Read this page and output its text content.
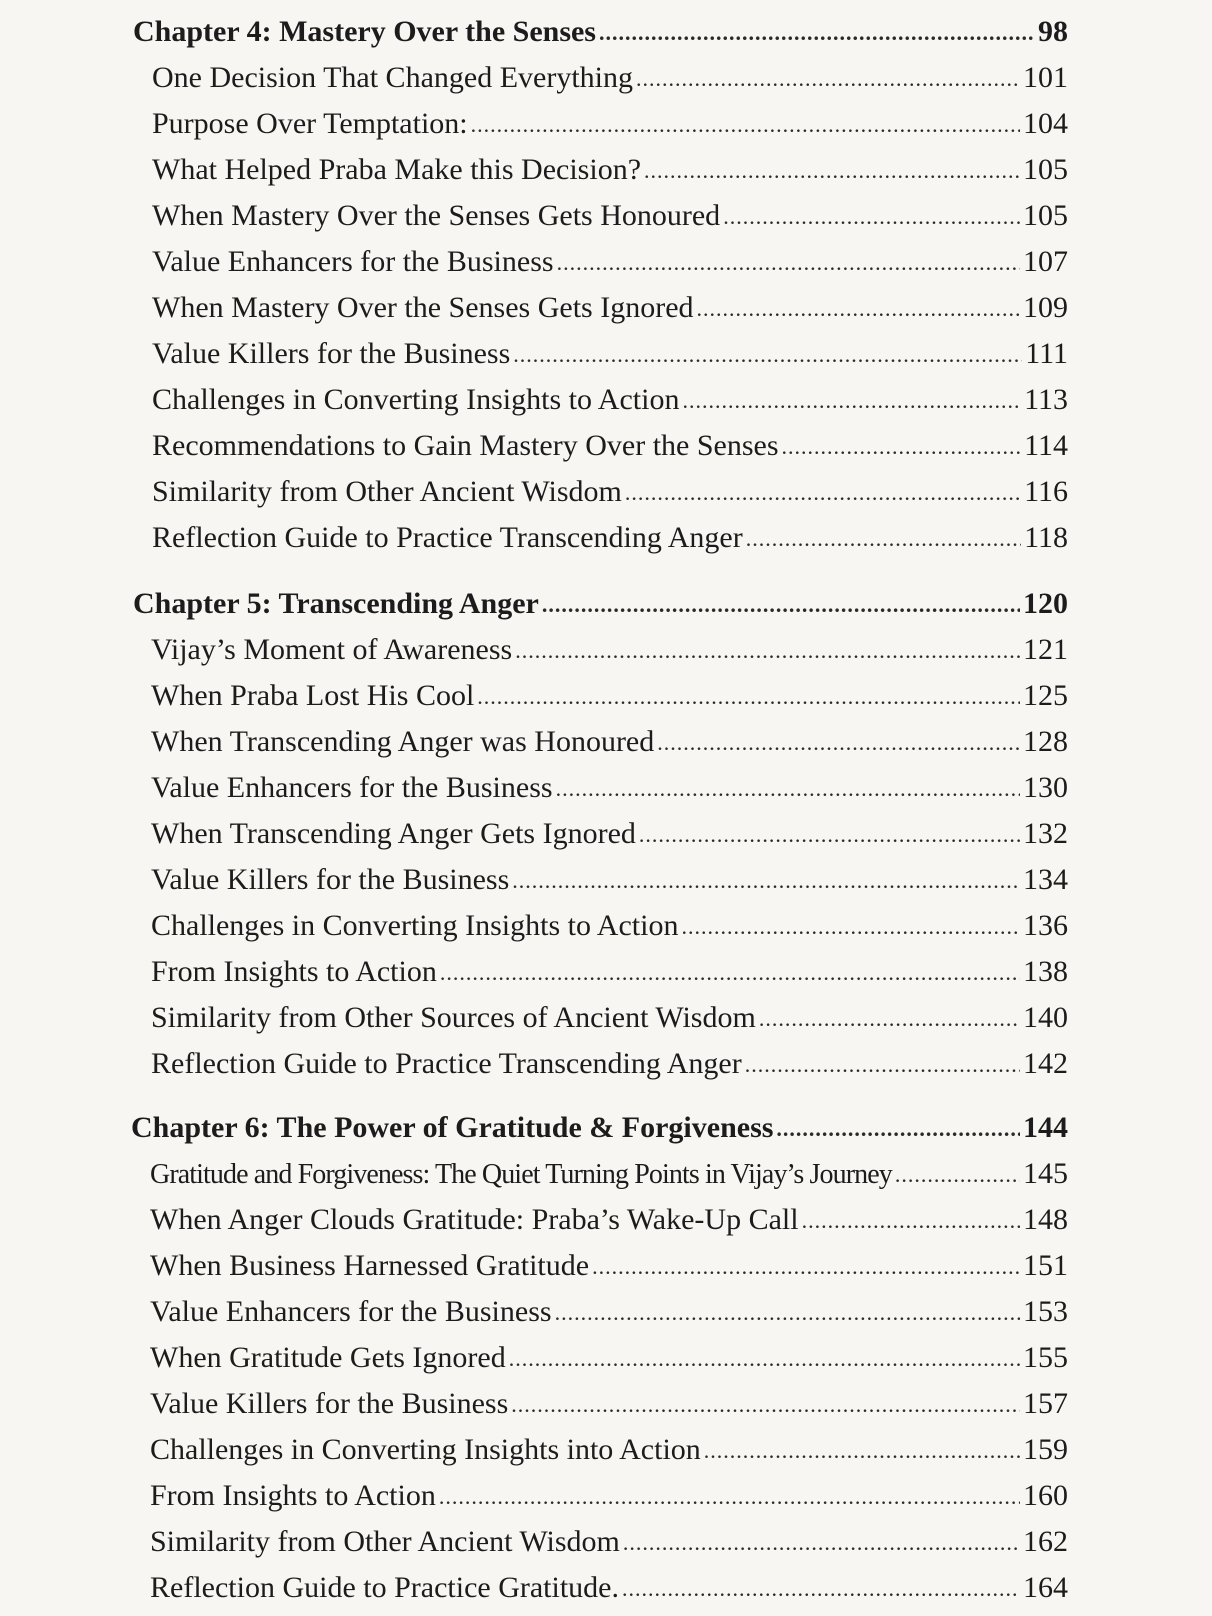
Chapter 4: Mastery Over the Senses .....	98
One Decision That Changed Everything .....	101
Purpose Over Temptation: .....	104
What Helped Praba Make this Decision? .....	105
When Mastery Over the Senses Gets Honoured .....	105
Value Enhancers for the Business .....	107
When Mastery Over the Senses Gets Ignored .....	109
Value Killers for the Business .....	111
Challenges in Converting Insights to Action .....	113
Recommendations to Gain Mastery Over the Senses .....	114
Similarity from Other Ancient Wisdom .....	116
Reflection Guide to Practice Transcending Anger .....	118
Chapter 5: Transcending Anger .....	120
Vijay’s Moment of Awareness .....	121
When Praba Lost His Cool .....	125
When Transcending Anger was Honoured .....	128
Value Enhancers for the Business .....	130
When Transcending Anger Gets Ignored .....	132
Value Killers for the Business .....	134
Challenges in Converting Insights to Action .....	136
From Insights to Action .....	138
Similarity from Other Sources of Ancient Wisdom .....	140
Reflection Guide to Practice Transcending Anger .....	142
Chapter 6: The Power of Gratitude & Forgiveness .....	144
Gratitude and Forgiveness: The Quiet Turning Points in Vijay’s Journey .....	145
When Anger Clouds Gratitude: Praba’s Wake-Up Call .....	148
When Business Harnessed Gratitude .....	151
Value Enhancers for the Business .....	153
When Gratitude Gets Ignored .....	155
Value Killers for the Business .....	157
Challenges in Converting Insights into Action .....	159
From Insights to Action .....	160
Similarity from Other Ancient Wisdom .....	162
Reflection Guide to Practice Gratitude. .....	164
